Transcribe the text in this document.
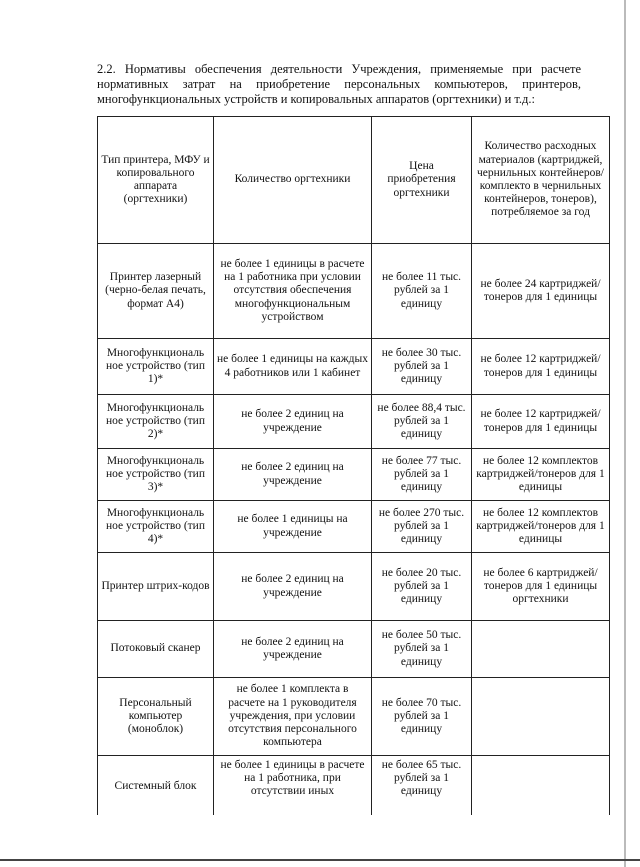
2.2. Нормативы обеспечения деятельности Учреждения, применяемые при расчете нормативных затрат на приобретение персональных компьютеров, принтеров, многофункциональных устройств и копировальных аппаратов (оргтехники) и т.д.:

Тип принтера, МФУ и копировального аппарата (оргтехники)	Количество оргтехники	Цена приобретения оргтехники	Количество расходных материалов (картриджей, чернильных контейнеров/комплекто в чернильных контейнеров, тонеров), потребляемое за год
Принтер лазерный (черно-белая печать, формат А4)	не более 1 единицы в расчете на 1 работника при условии отсутствия обеспечения многофункциональным устройством	не более 11 тыс. рублей за 1 единицу	не более 24 картриджей/тонеров для 1 единицы
Многофункциональ ное устройство (тип 1)*	не более 1 единицы на каждых 4 работников или 1 кабинет	не более 30 тыс. рублей за 1 единицу	не более 12 картриджей/тонеров для 1 единицы
Многофункциональ ное устройство (тип 2)*	не более 2 единиц на учреждение	не более 88,4 тыс. рублей за 1 единицу	не более 12 картриджей/тонеров для 1 единицы
Многофункциональ ное устройство (тип 3)*	не более 2 единиц на учреждение	не более 77 тыс. рублей за 1 единицу	не более 12 комплектов картриджей/тонеров для 1 единицы
Многофункциональ ное устройство (тип 4)*	не более 1 единицы на учреждение	не более 270 тыс. рублей за 1 единицу	не более 12 комплектов картриджей/тонеров для 1 единицы
Принтер штрих-кодов	не более 2 единиц на учреждение	не более 20 тыс. рублей за 1 единицу	не более 6 картриджей/тонеров для 1 единицы оргтехники
Потоковый сканер	не более 2 единиц на учреждение	не более 50 тыс. рублей за 1 единицу	
Персональный компьютер (моноблок)	не более 1 комплекта в расчете на 1 руководителя учреждения, при условии отсутствия персонального компьютера	не более 70 тыс. рублей за 1 единицу	
Системный блок	не более 1 единицы в расчете на 1 работника, при отсутствии иных	не более 65 тыс. рублей за 1 единицу	
